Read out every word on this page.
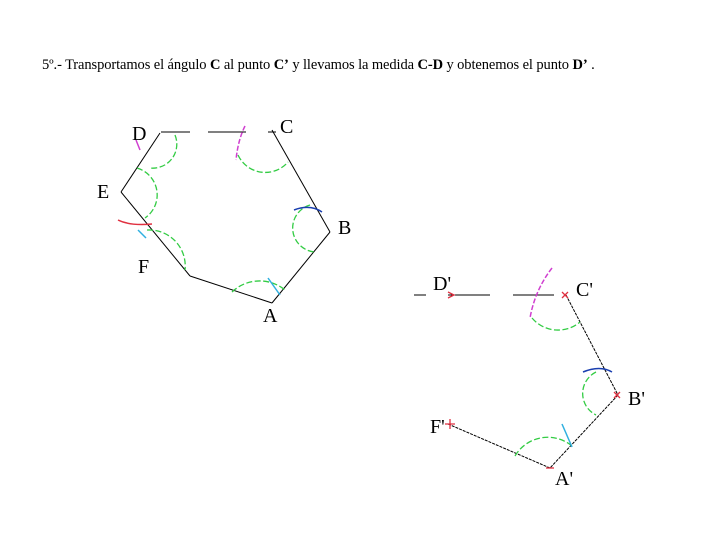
5º.- Transportamos el ángulo C al punto C’ y llevamos la medida C-D y obtenemos el punto D’ .
D	C
E
B
F
A
D'	C'
B'
F'
A'
